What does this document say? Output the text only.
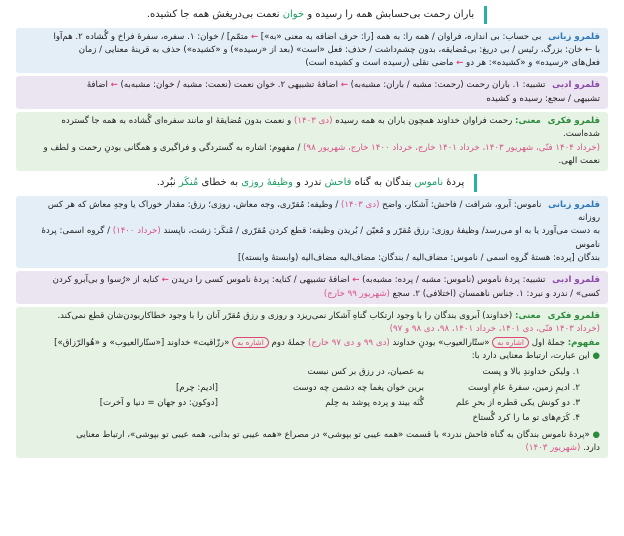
باران رحمت بی‌حسابش همه را رسیده و خوان نعمت بی‌دریغش همه جا کشیده.
قلمرو زبانی بی حساب: بی اندازه، فراوان / همه را: به همه [را: حرف اضافه به معنی «به»] ← متمّم] / خوان: ۱. سفره، سفرهٔ فراخ و گُشاده ۲. هم‌آوا
با ← خان: بزرگ، رئیس / بی دریغ: بی‌مُضایقه، بدون چشم‌داشت / حذف: فعل «است» (بعد از «رسیده») و «کشیده») حذف به قرینهٔ معنایی / زمان
فعل‌های «رسیده» و «کشیده»: هر دو ← ماضی نقلی (رسیده است و کشیده است)
قلمرو ادبی تشبیه: ۱. باران رحمت (رحمت: مشبه / باران: مشبه‌به) ← اضافهٔ تشبیهی ۲. خوان نعمت (نعمت: مشبه / خوان: مشبه‌به) ← اضافهٔ
تشبیهی / سجع: رسیده و کشیده
قلمرو فکری معنی: رحمت فراوان خداوند همچون باران به همه رسیده (دی ۱۴۰۳) و نعمت بدون مُضایقهٔ او مانند سفره‌ای گُشاده به همه جا گسترده شده‌است.
(خرداد ۱۴۰۴ فنّی، شهریور ۱۴۰۳، خرداد ۱۴۰۱ خارج، خرداد ۱۴۰۰ خارج، شهریور ۹۸) / مفهوم: اشاره به ‌گستردگی و فراگیری و همگانی بودنِ رحمت و لطف و نعمت الهی.
پردهٔ ناموس بندگان به گناه فاحش ندرد و وظیفهٔ روزی به خطای مُنکَر نبُرد.
قلمرو زبانی ناموس: آبرو، شرافت / فاحش: آشکار، واضح (دی ۱۴۰۳) / وظیفه: مُقرّری، وجه معاش، روزی؛ رزق: مقدار خوراک یا وجهِ معاش که هر کس روزانه
به دست می‌آورد یا به او می‌رسد/ وظیفهٔ روزی: رزق مُقرّر و مُعیّن / بُریدن وظیفه: قطع کردن مُقرّری / مُنکَر: زشت، ناپسند (خرداد ۱۴۰۰) / گروه اسمی: پردهٔ ناموس
بندگان [پرده: هستهٔ گروه اسمی / ناموس: مضاف‌الیه / بندگان: مضاف‌الیه مضاف‌الیه (وابستهٔ وابسته)]
قلمرو ادبی تشبیه: پردهٔ ناموس (ناموس: مشبه / پرده: مشبه‌به) ← اضافهٔ تشبیهی / کنایه: پردهٔ ناموس کسی را دریدن ← کنایه از «رُسوا و بی‌آبرو کردن
کسی» / ندرد و نبرد: ۱. جناس ناهمسان (اختلافی) ۲. سجع (شهریور ۹۹ خارج)
قلمرو فکری معنی: (خداوند) آبروی بندگان را با وجود ارتکاب گناهِ آشکار نمی‌ریزد و روزی و رزق مُقرّر آنان را با وجود خطاکاربودن‌شان قطع نمی‌کند.
(خرداد ۱۴۰۳ فنّی، دی ۱۴۰۱، خرداد ۱۴۰۱، ۹۸، دی ۹۸ و ۹۷)
مفهوم: جملهٔ اول اشاره به «ستّارالعیوب» بودنِ خداوند (دی ۹۹ و دی ۹۷ خارج) جملهٔ دوم اشاره به «رزّاقیت» خداوند [«ستّارالعیوب» و «هُوالرّزاق»]
● این عبارت، ارتباط معنایی دارد با:
۱. ولیکن خداوندِ بالا و پست
به عصیان، در رزق بر کس نبست
۲. ادیمِ زمین، سفرهٔ عامِ اوست
برین خوان یغما چه دشمن چه دوست
[ادیم: چرم]
۳. دو کونش یکی قطره از بحرِ علم
گُنَه بیند و پرده پوشد به حِلم
[دوکون: دو جهان = دنیا و آخرت]
۴. کَرَم‌های تو ما را کرد گُستاخ
● «پردهٔ ناموس بندگان به گناه فاحش ندرد» با قسمت «همه عیبی تو بپوشی» در مصراع «همه عیبی تو ‌بدانی، همه عیبی تو بپوشی»، ارتباط معنایی
دارد. (شهریور ۱۴۰۳)
